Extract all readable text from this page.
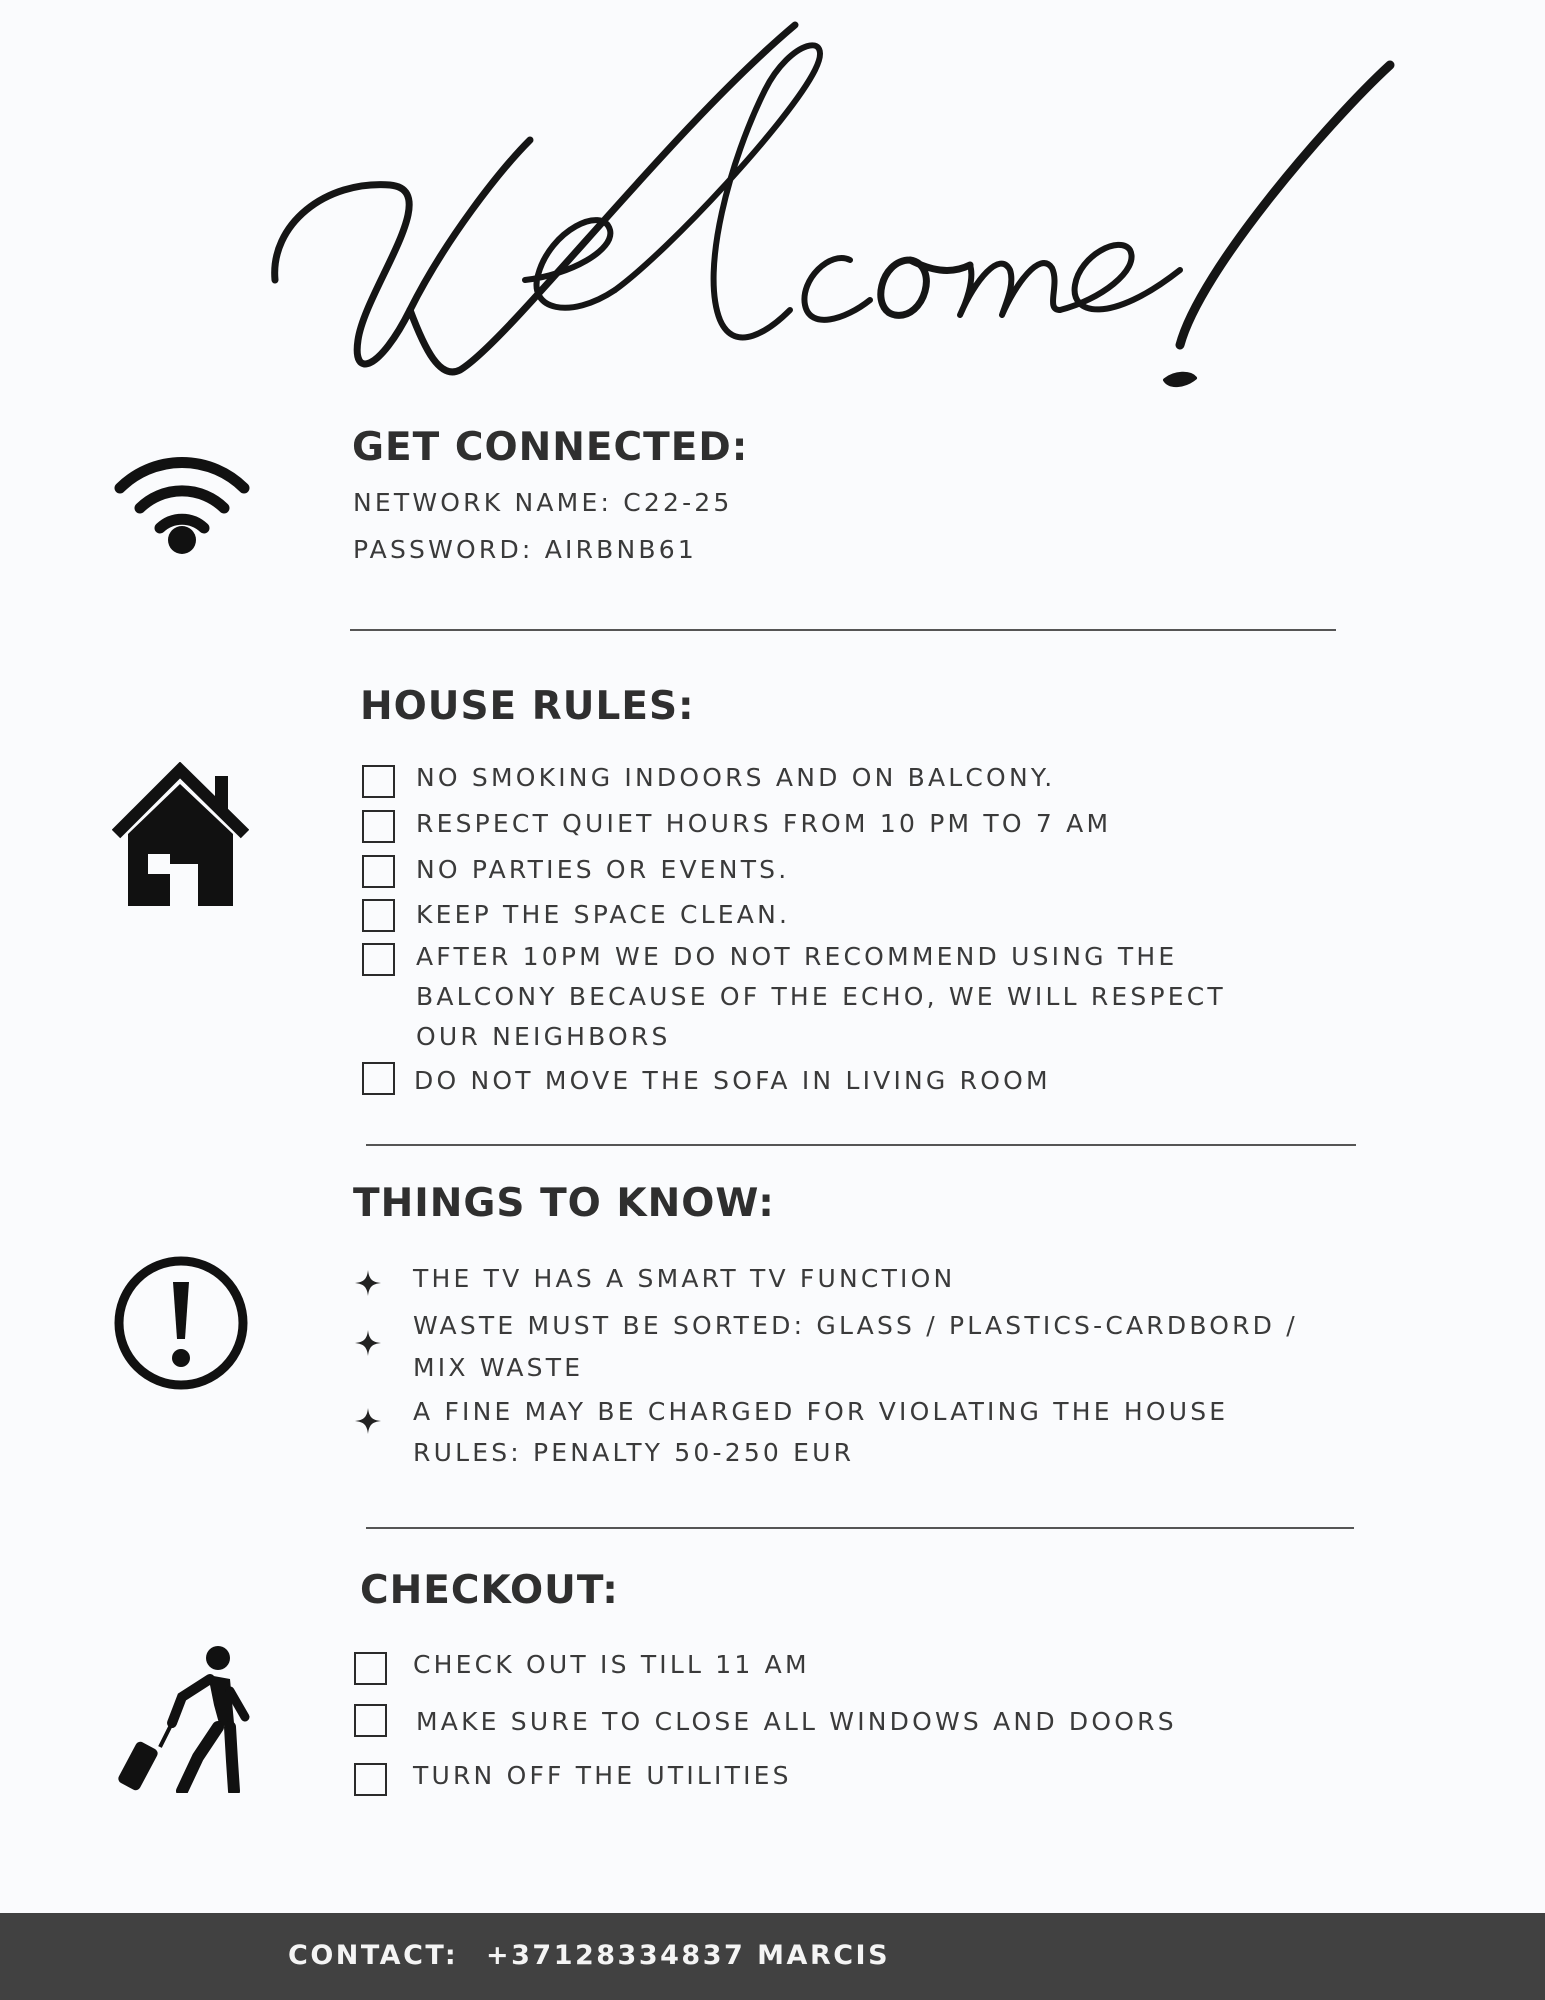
GET CONNECTED:
NETWORK NAME: C22-25
PASSWORD: AIRBNB61
HOUSE RULES:
NO SMOKING INDOORS AND ON BALCONY.
RESPECT QUIET HOURS FROM 10 PM TO 7 AM
NO PARTIES OR EVENTS.
KEEP THE SPACE CLEAN.
AFTER 10PM WE DO NOT RECOMMEND USING THE
BALCONY BECAUSE OF THE ECHO, WE WILL RESPECT
OUR NEIGHBORS
DO NOT MOVE THE SOFA IN LIVING ROOM
THINGS TO KNOW:
THE TV HAS A SMART TV FUNCTION
WASTE MUST BE SORTED: GLASS / PLASTICS-CARDBORD /
MIX WASTE
A FINE MAY BE CHARGED FOR VIOLATING THE HOUSE
RULES: PENALTY 50-250 EUR
CHECKOUT:
CHECK OUT IS TILL 11 AM
MAKE SURE TO CLOSE ALL WINDOWS AND DOORS
TURN OFF THE UTILITIES
CONTACT: +37128334837 MARCIS
